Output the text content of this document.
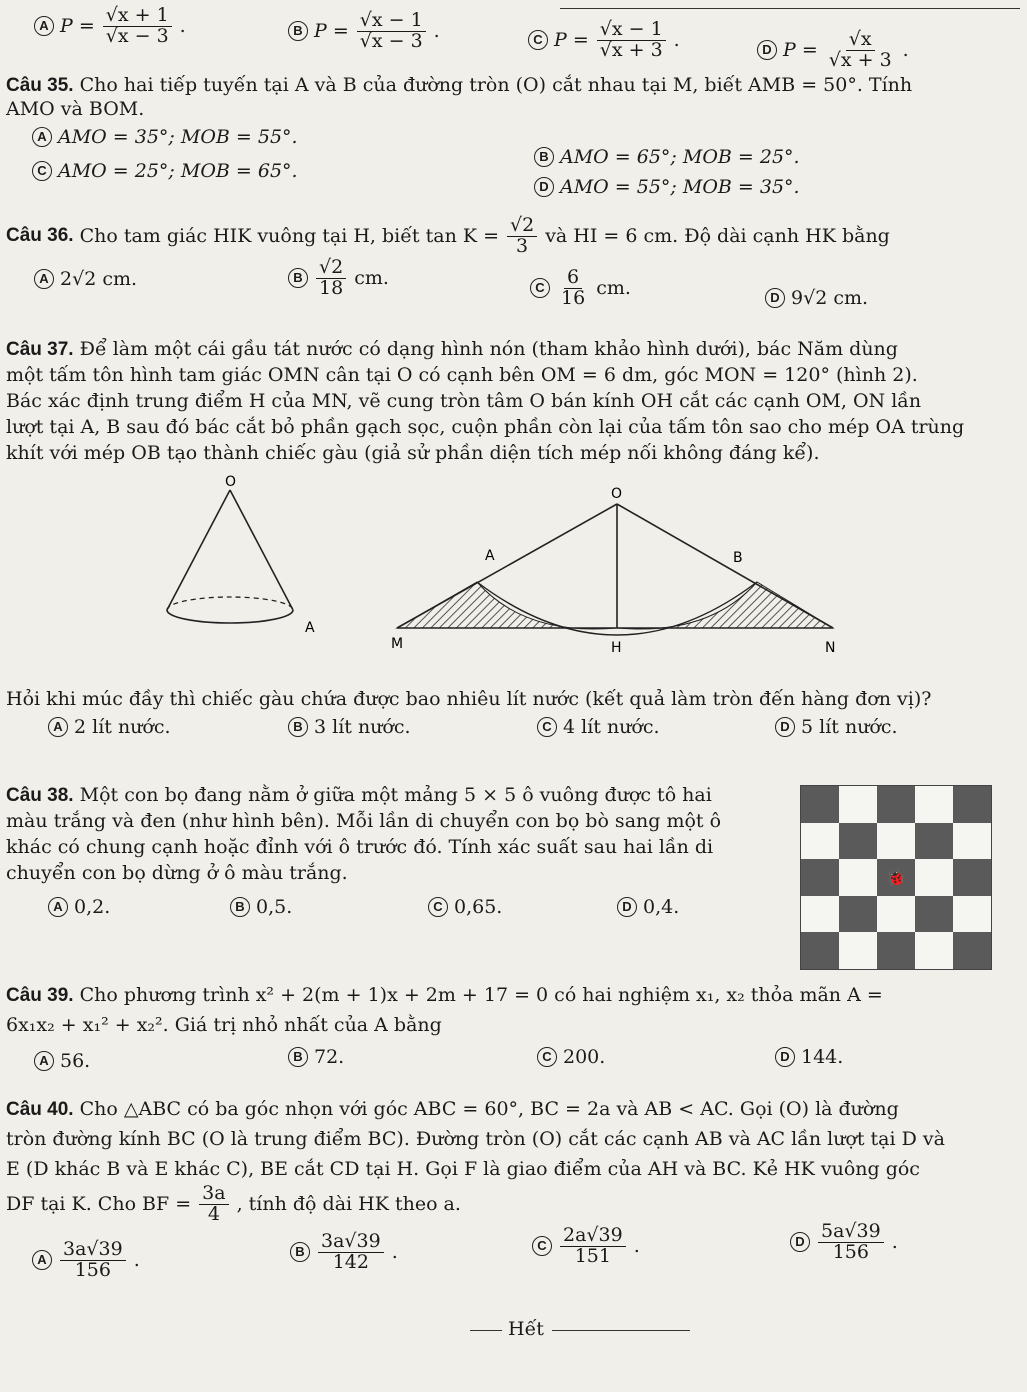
A $P = \frac{√x + 1}{√x - 3}$ .	B $P = \frac{√x - 1}{√x - 3}$ .	C $P = \frac{√x - 1}{√x + 3}$ .	D $P = \frac{√x}{√x + 3}$ .
Câu 35. Cho hai tiếp tuyến tại A và B của đường tròn (O) cắt nhau tại M, biết AMB = 50°. Tính
AMO và BOM.
A AMO = 35°; MOB = 55°.
C AMO = 25°; MOB = 65°.
B AMO = 65°; MOB = 25°.
D AMO = 55°; MOB = 35°.
Câu 36. Cho tam giác HIK vuông tại H, biết $\tan K = \frac{√2}{3}$ và HI = 6 cm. Độ dài cạnh HK bằng
A 2√2 cm.	B $\frac{√2}{18}$ cm.	C $\frac{6}{16}$ cm.	D 9√2 cm.
Câu 37. Để làm một cái gầu tát nước có dạng hình nón (tham khảo hình dưới), bác Năm dùng
một tấm tôn hình tam giác OMN cân tại O có cạnh bên OM = 6 dm, góc MON = 120° (hình 2).
Bác xác định trung điểm H của MN, vẽ cung tròn tâm O bán kính OH cắt các cạnh OM, ON lần
lượt tại A, B sau đó bác cắt bỏ phần gạch sọc, cuộn phần còn lại của tấm tôn sao cho mép OA trùng
khít với mép OB tạo thành chiếc gàu (giả sử phần diện tích mép nối không đáng kể).
O
A
O
A	B
M	H	N
Hỏi khi múc đầy thì chiếc gàu chứa được bao nhiêu lít nước (kết quả làm tròn đến hàng đơn vị)?
A 2 lít nước.	B 3 lít nước.	C 4 lít nước.	D 5 lít nước.
Câu 38. Một con bọ đang nằm ở giữa một mảng 5 × 5 ô vuông được tô hai
màu trắng và đen (như hình bên). Mỗi lần di chuyển con bọ bò sang một ô
khác có chung cạnh hoặc đỉnh với ô trước đó. Tính xác suất sau hai lần di
chuyển con bọ dừng ở ô màu trắng.	🐞
A 0,2.	B 0,5.	C 0,65.	D 0,4.
Câu 39. Cho phương trình x² + 2(m + 1)x + 2m + 17 = 0 có hai nghiệm x₁, x₂ thỏa mãn A =
6x₁x₂ + x₁² + x₂². Giá trị nhỏ nhất của A bằng
A 56.	B 72.	C 200.	D 144.
Câu 40. Cho △ABC có ba góc nhọn với góc ABC = 60°, BC = 2a và AB < AC. Gọi (O) là đường
tròn đường kính BC (O là trung điểm BC). Đường tròn (O) cắt các cạnh AB và AC lần lượt tại D và
E (D khác B và E khác C), BE cắt CD tại H. Gọi F là giao điểm của AH và BC. Kẻ HK vuông góc
DF tại K. Cho BF = $\frac{3a}{4}$ , tính độ dài HK theo a.
A $\frac{3a√39}{156}$ .	B $\frac{3a√39}{142}$ .	C $\frac{2a√39}{151}$ .	D $\frac{5a√39}{156}$ .
Hết
